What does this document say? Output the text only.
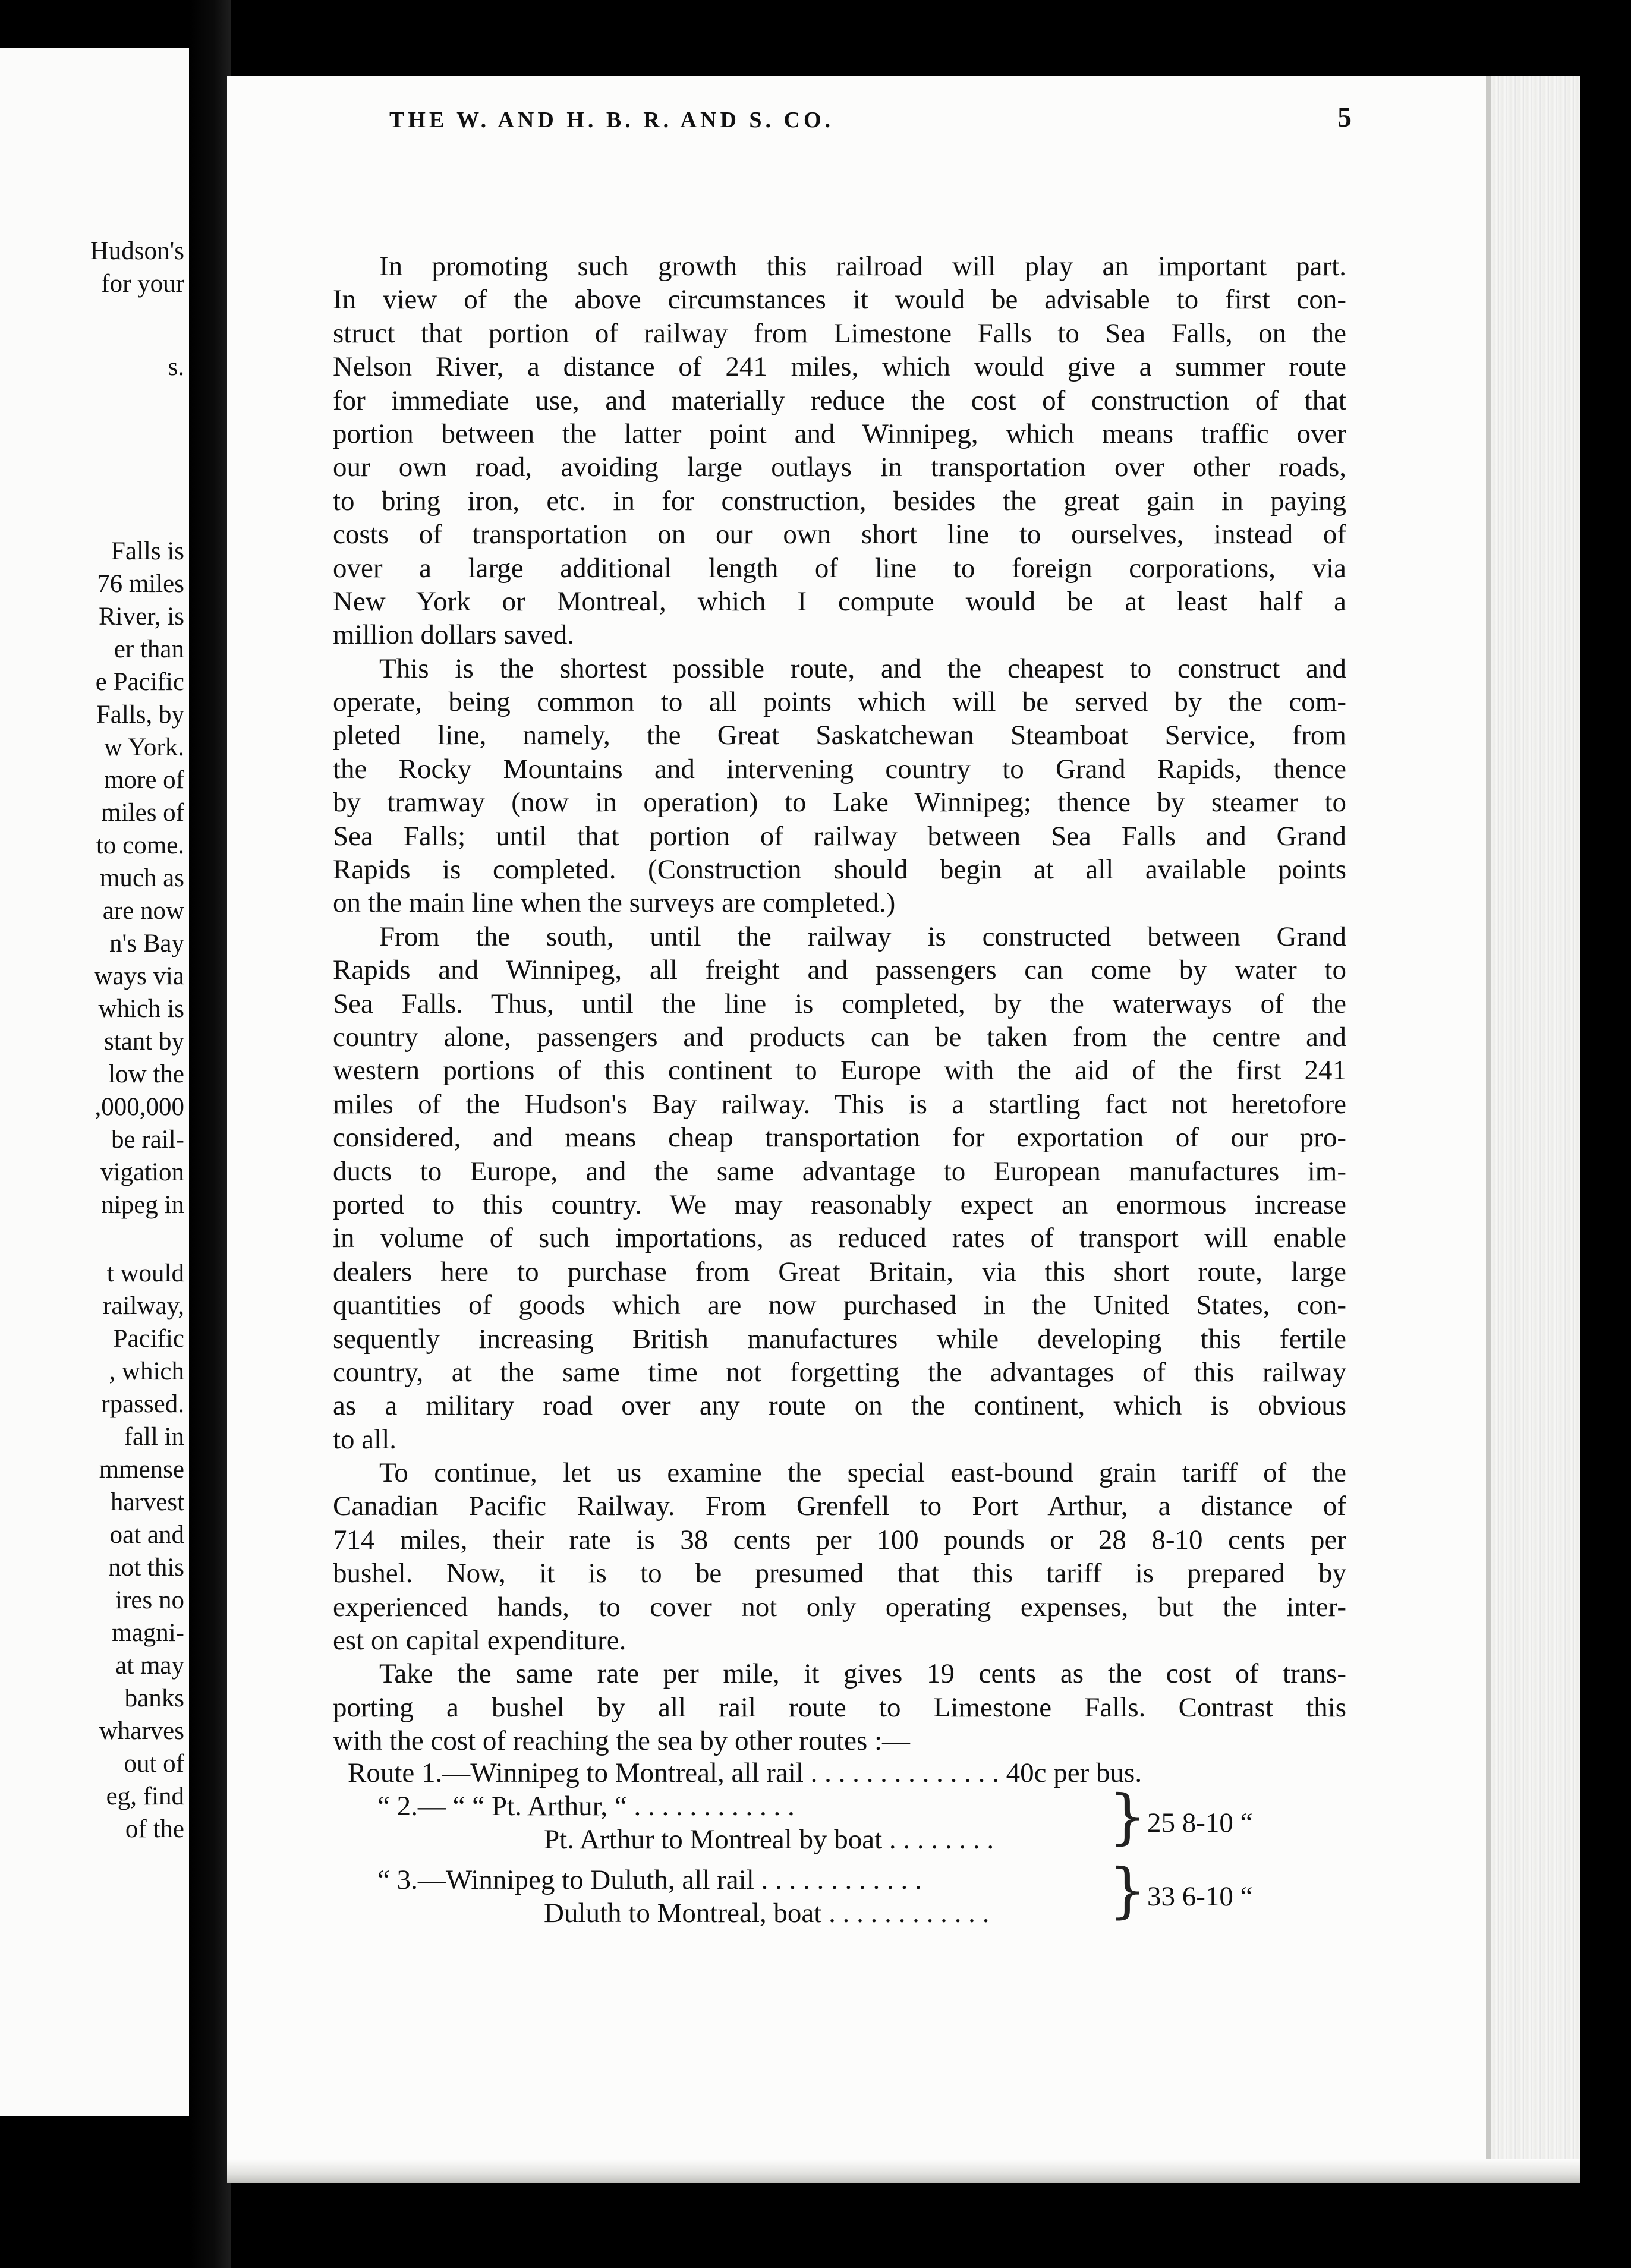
Hudson's
for your
s.
Falls is
76 miles
River, is
er than
e Pacific
Falls, by
w York.
more of
miles of
to come.
much as
are now
n's Bay
ways via
which is
stant by
low the
,000,000
be rail-
vigation
nipeg in
t would
railway,
Pacific
, which
rpassed.
fall in
mmense
harvest
oat and
not this
ires no
magni-
at may
banks
wharves
out of
eg, find
of the
THE W. AND H. B. R. AND S. CO.	5
In promoting such growth this railroad will play an important part.
In view of the above circumstances it would be advisable to first con-
struct that portion of railway from Limestone Falls to Sea Falls, on the
Nelson River, a distance of 241 miles, which would give a summer route
for immediate use, and materially reduce the cost of construction of that
portion between the latter point and Winnipeg, which means traffic over
our own road, avoiding large outlays in transportation over other roads,
to bring iron, etc. in for construction, besides the great gain in paying
costs of transportation on our own short line to ourselves, instead of
over a large additional length of line to foreign corporations, via
New York or Montreal, which I compute would be at least half a
million dollars saved.
This is the shortest possible route, and the cheapest to construct and
operate, being common to all points which will be served by the com-
pleted line, namely, the Great Saskatchewan Steamboat Service, from
the Rocky Mountains and intervening country to Grand Rapids, thence
by tramway (now in operation) to Lake Winnipeg; thence by steamer to
Sea Falls; until that portion of railway between Sea Falls and Grand
Rapids is completed. (Construction should begin at all available points
on the main line when the surveys are completed.)
From the south, until the railway is constructed between Grand
Rapids and Winnipeg, all freight and passengers can come by water to
Sea Falls. Thus, until the line is completed, by the waterways of the
country alone, passengers and products can be taken from the centre and
western portions of this continent to Europe with the aid of the first 241
miles of the Hudson's Bay railway. This is a startling fact not heretofore
considered, and means cheap transportation for exportation of our pro-
ducts to Europe, and the same advantage to European manufactures im-
ported to this country. We may reasonably expect an enormous increase
in volume of such importations, as reduced rates of transport will enable
dealers here to purchase from Great Britain, via this short route, large
quantities of goods which are now purchased in the United States, con-
sequently increasing British manufactures while developing this fertile
country, at the same time not forgetting the advantages of this railway
as a military road over any route on the continent, which is obvious
to all.
To continue, let us examine the special east-bound grain tariff of the
Canadian Pacific Railway. From Grenfell to Port Arthur, a distance of
714 miles, their rate is 38 cents per 100 pounds or 28 8-10 cents per
bushel. Now, it is to be presumed that this tariff is prepared by
experienced hands, to cover not only operating expenses, but the inter-
est on capital expenditure.
Take the same rate per mile, it gives 19 cents as the cost of trans-
porting a bushel by all rail route to Limestone Falls. Contrast this
with the cost of reaching the sea by other routes :—
Route 1.—Winnipeg to Montreal, all rail . . . . . . . . . . . . . . 40c per bus.
“ 2.— “ “ Pt. Arthur, “ . . . . . . . . . . . .
Pt. Arthur to Montreal by boat . . . . . . . . } 25 8-10 “
“ 3.—Winnipeg to Duluth, all rail . . . . . . . . . . . .
Duluth to Montreal, boat . . . . . . . . . . . . } 33 6-10 “
